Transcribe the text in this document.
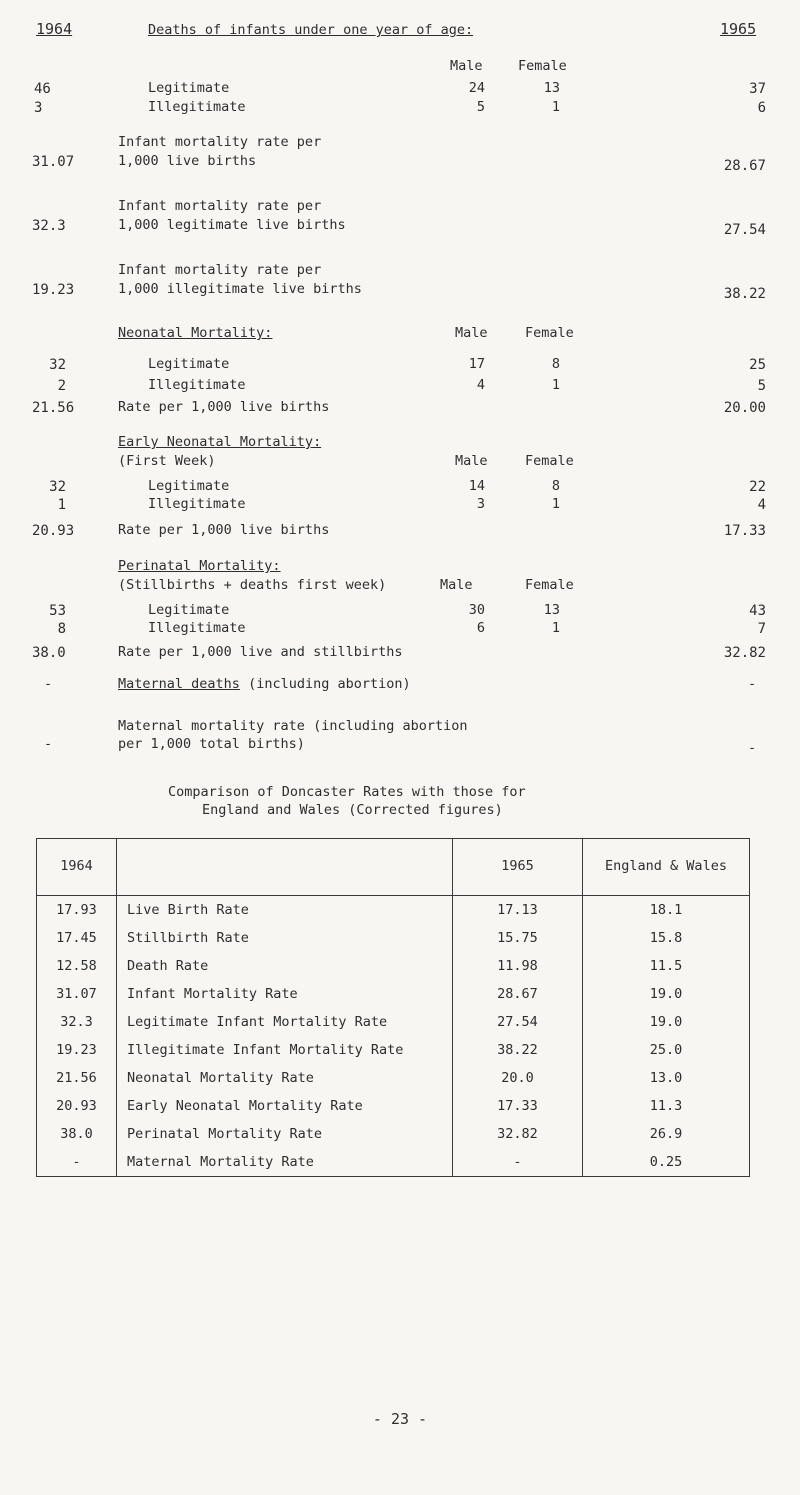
1964	Deaths of infants under one year of age:	1965
Male	Female
46	Legitimate	24	13	37
3	Illegitimate	5	1	6
Infant mortality rate per
31.07	1,000 live births	28.67
Infant mortality rate per
32.3	1,000 legitimate live births	27.54
Infant mortality rate per
19.23	1,000 illegitimate live births	38.22
Neonatal Mortality:	Male	Female
32	Legitimate	17	8	25
2	Illegitimate	4	1	5
21.56	Rate per 1,000 live births	20.00
Early Neonatal Mortality:
(First Week)	Male	Female
32	Legitimate	14	8	22
1	Illegitimate	3	1	4
20.93	Rate per 1,000 live births	17.33
Perinatal Mortality:
(Stillbirths + deaths first week)	Male	Female
53	Legitimate	30	13	43
8	Illegitimate	6	1	7
38.0	Rate per 1,000 live and stillbirths	32.82
-	Maternal deaths (including abortion)	-
Maternal mortality rate (including abortion
-	per 1,000 total births)	-
Comparison of Doncaster Rates with those for
England and Wales (Corrected figures)
1964		1965	England & Wales
17.93	Live Birth Rate	17.13	18.1
17.45	Stillbirth Rate	15.75	15.8
12.58	Death Rate	11.98	11.5
31.07	Infant Mortality Rate	28.67	19.0
32.3	Legitimate Infant Mortality Rate	27.54	19.0
19.23	Illegitimate Infant Mortality Rate	38.22	25.0
21.56	Neonatal Mortality Rate	20.0	13.0
20.93	Early Neonatal Mortality Rate	17.33	11.3
38.0	Perinatal Mortality Rate	32.82	26.9
-	Maternal Mortality Rate	-	0.25
- 23 -
